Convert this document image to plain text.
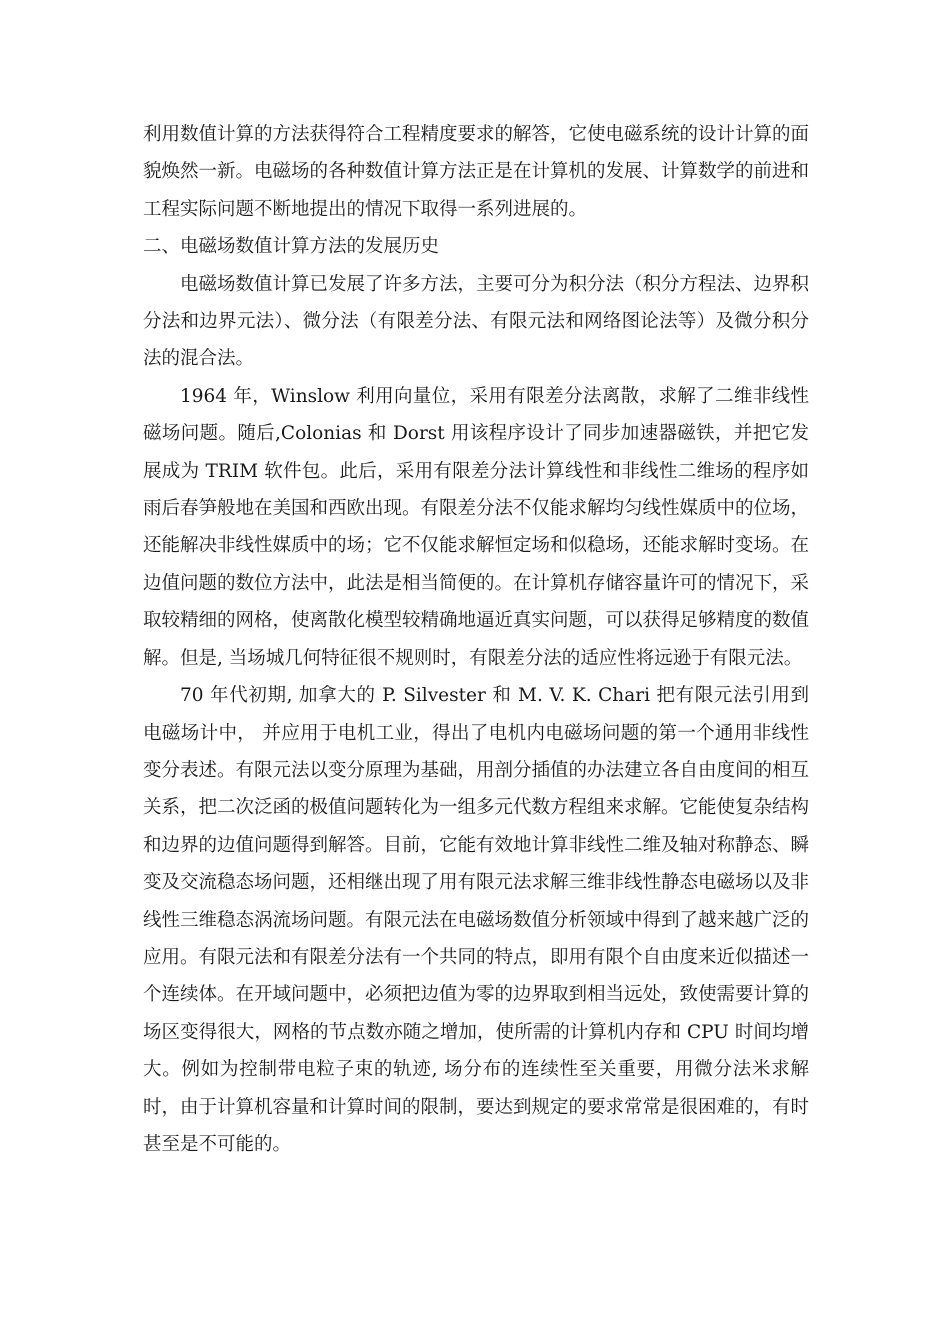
利用数值计算的方法获得符合工程精度要求的解答，它使电磁系统的设计计算的面貌焕然一新。电磁场的各种数值计算方法正是在计算机的发展、计算数学的前进和工程实际问题不断地提出的情况下取得一系列进展的。

二、电磁场数值计算方法的发展历史

电磁场数值计算已发展了许多方法，主要可分为积分法（积分方程法、边界积分法和边界元法）、微分法（有限差分法、有限元法和网络图论法等）及微分积分法的混合法。

1964 年，Winslow 利用向量位，采用有限差分法离散，求解了二维非线性磁场问题。随后,Colonias 和 Dorst 用该程序设计了同步加速器磁铁，并把它发展成为 TRIM 软件包。此后，采用有限差分法计算线性和非线性二维场的程序如雨后春笋般地在美国和西欧出现。有限差分法不仅能求解均匀线性媒质中的位场，还能解决非线性媒质中的场；它不仅能求解恒定场和似稳场，还能求解时变场。在边值问题的数位方法中，此法是相当简便的。在计算机存储容量许可的情况下，采取较精细的网格，使离散化模型较精确地逼近真实问题，可以获得足够精度的数值解。但是, 当场城几何特征很不规则时，有限差分法的适应性将远逊于有限元法。

70 年代初期, 加拿大的 P. Silvester 和 M. V. K. Chari 把有限元法引用到电磁场计中， 并应用于电机工业，得出了电机内电磁场问题的第一个通用非线性变分表述。有限元法以变分原理为基础，用剖分插值的办法建立各自由度间的相互关系，把二次泛函的极值问题转化为一组多元代数方程组来求解。它能使复杂结构和边界的边值问题得到解答。目前，它能有效地计算非线性二维及轴对称静态、瞬变及交流稳态场问题，还相继出现了用有限元法求解三维非线性静态电磁场以及非线性三维稳态涡流场问题。有限元法在电磁场数值分析领域中得到了越来越广泛的应用。有限元法和有限差分法有一个共同的特点，即用有限个自由度来近似描述一个连续体。在开域问题中，必须把边值为零的边界取到相当远处，致使需要计算的场区变得很大，网格的节点数亦随之增加，使所需的计算机内存和 CPU 时间均增大。例如为控制带电粒子束的轨迹, 场分布的连续性至关重要，用微分法米求解时，由于计算机容量和计算时间的限制，要达到规定的要求常常是很困难的，有时甚至是不可能的。
